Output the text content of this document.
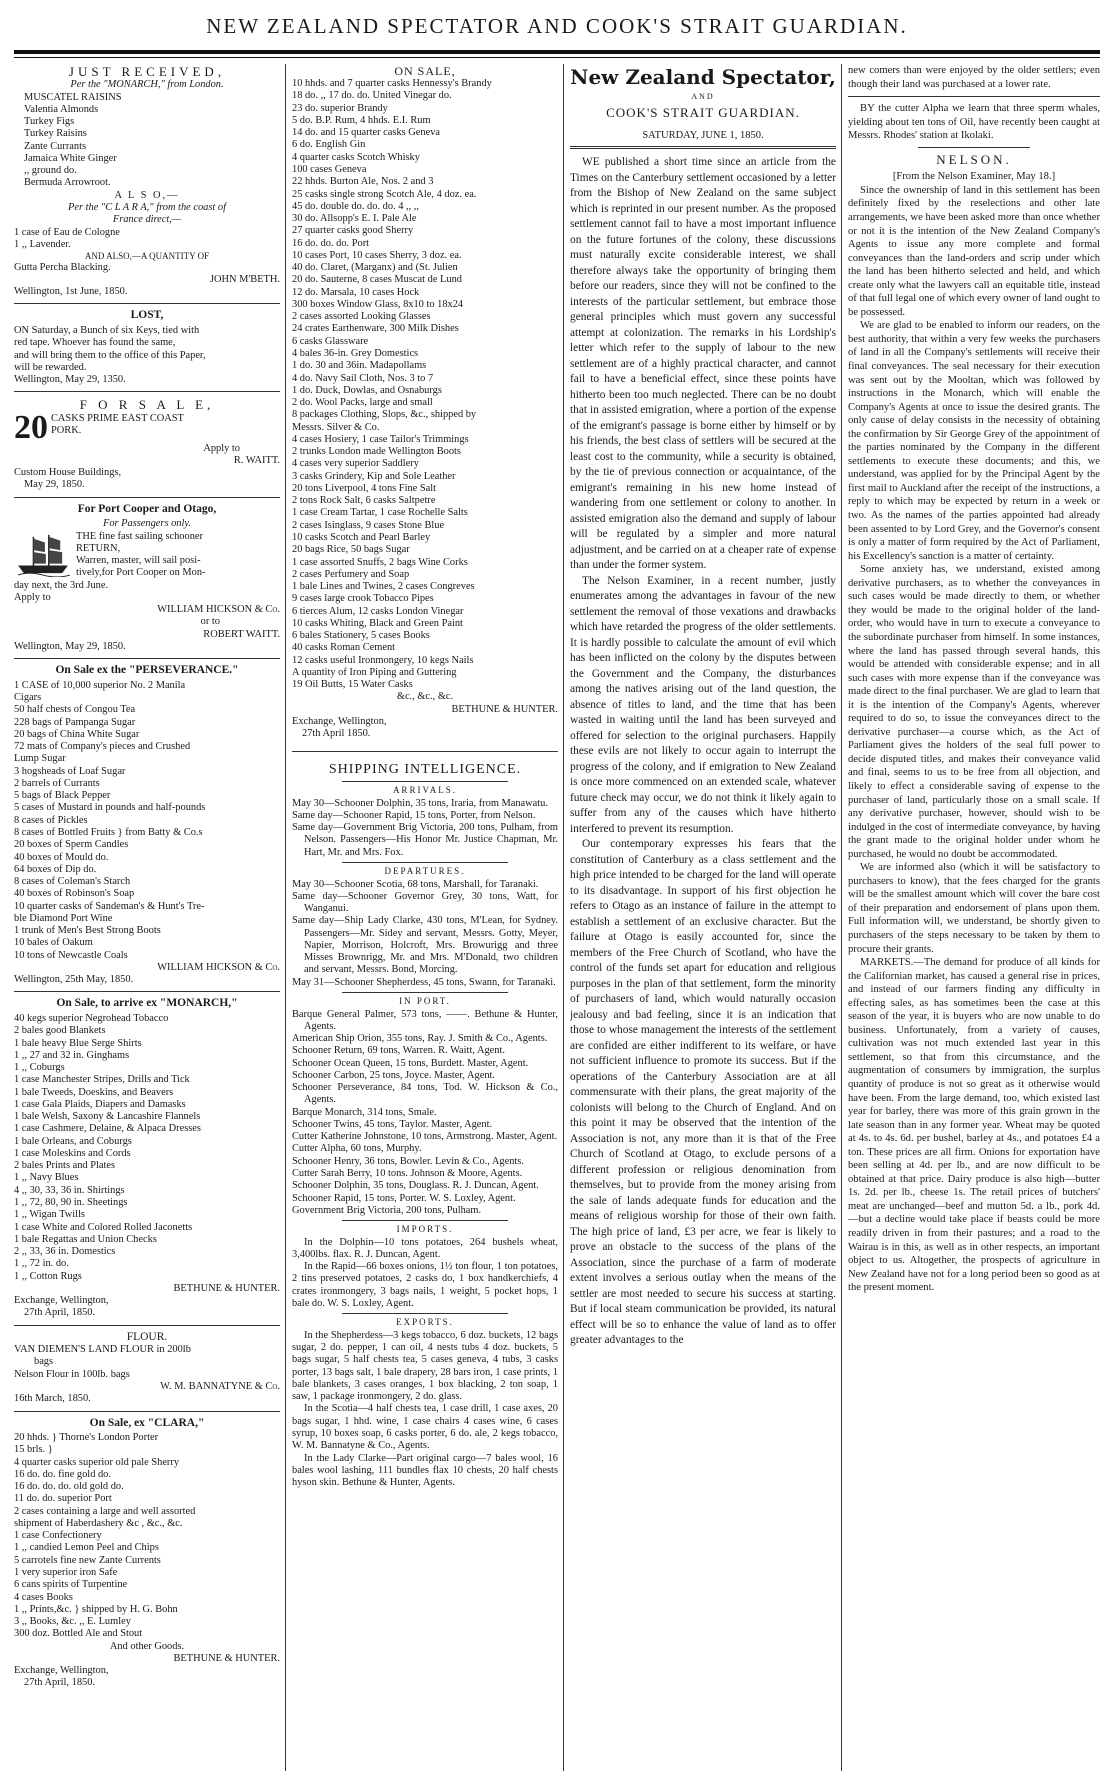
NEW ZEALAND SPECTATOR AND COOK'S STRAIT GUARDIAN.

JUST RECEIVED,

Per the "MONARCH," from London.

MUSCATEL RAISINS

Valentia Almonds

Turkey Figs

Turkey Raisins

Zante Currants

Jamaica White Ginger

,, ground do.

Bermuda Arrowroot.

A L S O,—

Per the "C L A R A," from the coast of

France direct,—

1 case of Eau de Cologne

1 ,, Lavender.

AND ALSO,—A QUANTITY OF

Gutta Percha Blacking.

JOHN M'BETH.

Wellington, 1st June, 1850.

LOST,

ON Saturday, a Bunch of six Keys, tied with

red tape. Whoever has found the same,

and will bring them to the office of this Paper,

will be rewarded.

Wellington, May 29, 1350.

F O R S A L E,

20 CASKS PRIME EAST COAST

PORK.

Apply to

R. WAITT.

Custom House Buildings,

May 29, 1850.

For Port Cooper and Otago,

For Passengers only.

THE fine fast sailing schooner

RETURN,

Warren, master, will sail posi-

tively,for Port Cooper on Mon-

day next, the 3rd June.

Apply to

WILLIAM HICKSON & Co.

or to

ROBERT WAITT.

Wellington, May 29, 1850.

On Sale ex the "PERSEVERANCE."

1 CASE of 10,000 superior No. 2 Manila

Cigars

50 half chests of Congou Tea

228 bags of Pampanga Sugar

20 bags of China White Sugar

72 mats of Company's pieces and Crushed

Lump Sugar

3 hogsheads of Loaf Sugar

2 barrels of Currants

5 bags of Black Pepper

5 cases of Mustard in pounds and half-pounds

8 cases of Pickles

8 cases of Bottled Fruits } from Batty & Co.s

20 boxes of Sperm Candles

40 boxes of Mould do.

64 boxes of Dip do.

8 cases of Coleman's Starch

40 boxes of Robinson's Soap

10 quarter casks of Sandeman's & Hunt's Tre-

ble Diamond Port Wine

1 trunk of Men's Best Strong Boots

10 bales of Oakum

10 tons of Newcastle Coals

WILLIAM HICKSON & Co.

Wellington, 25th May, 1850.

On Sale, to arrive ex "MONARCH,"

40 kegs superior Negrohead Tobacco

2 bales good Blankets

1 bale heavy Blue Serge Shirts

1 ,, 27 and 32 in. Ginghams

1 ,, Coburgs

1 case Manchester Stripes, Drills and Tick

1 bale Tweeds, Doeskins, and Beavers

1 case Gala Plaids, Diapers and Damasks

1 bale Welsh, Saxony & Lancashire Flannels

1 case Cashmere, Delaine, & Alpaca Dresses

1 bale Orleans, and Coburgs

1 case Moleskins and Cords

2 bales Prints and Plates

1 ,, Navy Blues

4 ,, 30, 33, 36 in. Shirtings

1 ,, 72, 80, 90 in. Sheetings

1 ,, Wigan Twills

1 case White and Colored Rolled Jaconetts

1 bale Regattas and Union Checks

2 ,, 33, 36 in. Domestics

1 ,, 72 in. do.

1 ,, Cotton Rugs

BETHUNE & HUNTER.

Exchange, Wellington,

27th April, 1850.

FLOUR.

VAN DIEMEN'S LAND FLOUR in 200lb

bags

Nelson Flour in 100lb. bags

W. M. BANNATYNE & Co.

16th March, 1850.

On Sale, ex "CLARA,"

20 hhds. } Thorne's London Porter

15 brls. }

4 quarter casks superior old pale Sherry

16 do. do. fine gold do.

16 do. do. do. old gold do.

11 do. do. superior Port

2 cases containing a large and well assorted

shipment of Haberdashery &c , &c., &c.

1 case Confectionery

1 ,, candied Lemon Peel and Chips

5 carrotels fine new Zante Currents

1 very superior iron Safe

6 cans spirits of Turpentine

4 cases Books

1 ,, Prints,&c. } shipped by H. G. Bohn

3 ,, Books, &c. ,, E. Lumley

300 doz. Bottled Ale and Stout

And other Goods.

BETHUNE & HUNTER.

Exchange, Wellington,

27th April, 1850.

ON SALE,

10 hhds. and 7 quarter casks Hennessy's Brandy

18 do. ,, 17 do. do. United Vinegar do.

23 do. superior Brandy

5 do. B.P. Rum, 4 hhds. E.I. Rum

14 do. and 15 quarter casks Geneva

6 do. English Gin

4 quarter casks Scotch Whisky

100 cases Geneva

22 hhds. Burton Ale, Nos. 2 and 3

25 casks single strong Scotch Ale, 4 doz. ea.

45 do. double do. do. do. 4 ,, ,,

30 do. Allsopp's E. I. Pale Ale

27 quarter casks good Sherry

16 do. do. do. Port

10 cases Port, 10 cases Sherry, 3 doz. ea.

40 do. Claret, (Marganx) and (St. Julien

20 do. Sauterne, 8 cases Muscat de Lund

12 do. Marsala, 10 cases Hock

300 boxes Window Glass, 8x10 to 18x24

2 cases assorted Looking Glasses

24 crates Earthenware, 300 Milk Dishes

6 casks Glassware

4 bales 36-in. Grey Domestics

1 do. 30 and 36in. Madapollams

4 do. Navy Sail Cloth, Nos. 3 to 7

1 do. Duck, Dowlas, and Osnaburgs

2 do. Wool Packs, large and small

8 packages Clothing, Slops, &c., shipped by

Messrs. Silver & Co.

4 cases Hosiery, 1 case Tailor's Trimmings

2 trunks London made Wellington Boots

4 cases very superior Saddlery

3 casks Grindery, Kip and Sole Leather

20 tons Liverpool, 4 tons Fine Salt

2 tons Rock Salt, 6 casks Saltpetre

1 case Cream Tartar, 1 case Rochelle Salts

2 cases Isinglass, 9 cases Stone Blue

10 casks Scotch and Pearl Barley

20 bags Rice, 50 bags Sugar

1 case assorted Snuffs, 2 bags Wine Corks

2 cases Perfumery and Soap

1 bale Lines and Twines, 2 cases Congreves

9 cases large crook Tobacco Pipes

6 tierces Alum, 12 casks London Vinegar

10 casks Whiting, Black and Green Paint

6 bales Stationery, 5 cases Books

40 casks Roman Cement

12 casks useful Ironmongery, 10 kegs Nails

A quantity of Iron Piping and Guttering

19 Oil Butts, 15 Water Casks

&c., &c., &c.

BETHUNE & HUNTER.

Exchange, Wellington,

27th April 1850.

SHIPPING INTELLIGENCE.

ARRIVALS.

May 30—Schooner Dolphin, 35 tons, Iraria, from Manawatu.

Same day—Schooner Rapid, 15 tons, Porter, from Nelson.

Same day—Government Brig Victoria, 200 tons, Pulham, from Nelson. Passengers—His Honor Mr. Justice Chapman, Mr. Hart, Mr. and Mrs. Fox.

DEPARTURES.

May 30—Schooner Scotia, 68 tons, Marshall, for Taranaki.

Same day—Schooner Governor Grey, 30 tons, Watt, for Wanganui.

Same day—Ship Lady Clarke, 430 tons, M'Lean, for Sydney. Passengers—Mr. Sidey and servant, Messrs. Gotty, Meyer, Napier, Morrison, Holcroft, Mrs. Browurigg and three Misses Brownrigg, Mr. and Mrs. M'Donald, two children and servant, Messrs. Bond, Morcing.

May 31—Schooner Shepherdess, 45 tons, Swann, for Taranaki.

IN PORT.

Barque General Palmer, 573 tons, ——. Bethune & Hunter, Agents.

American Ship Orion, 355 tons, Ray. J. Smith & Co., Agents.

Schooner Return, 69 tons, Warren. R. Waitt, Agent.

Schooner Ocean Queen, 15 tons, Burdett. Master, Agent.

Schooner Carbon, 25 tons, Joyce. Master, Agent.

Schooner Perseverance, 84 tons, Tod. W. Hickson & Co., Agents.

Barque Monarch, 314 tons, Smale.

Schooner Twins, 45 tons, Taylor. Master, Agent.

Cutter Katherine Johnstone, 10 tons, Armstrong. Master, Agent.

Cutter Alpha, 60 tons, Murphy.

Schooner Henry, 36 tons, Bowler. Levin & Co., Agents.

Cutter Sarah Berry, 10 tons. Johnson & Moore, Agents.

Schooner Dolphin, 35 tons, Douglass. R. J. Duncan, Agent.

Schooner Rapid, 15 tons, Porter. W. S. Loxley, Agent.

Government Brig Victoria, 200 tons, Pulham.

IMPORTS.

In the Dolphin—10 tons potatoes, 264 bushels wheat, 3,400lbs. flax. R. J. Duncan, Agent.

In the Rapid—66 boxes onions, 1½ ton flour, 1 ton potatoes, 2 tins preserved potatoes, 2 casks do, 1 box handkerchiefs, 4 crates ironmongery, 3 bags nails, 1 weight, 5 pocket hops, 1 bale do. W. S. Loxley, Agent.

EXPORTS.

In the Shepherdess—3 kegs tobacco, 6 doz. buckets, 12 bags sugar, 2 do. pepper, 1 can oil, 4 nests tubs 4 doz. buckets, 5 bags sugar, 5 half chests tea, 5 cases geneva, 4 tubs, 3 casks porter, 13 bags salt, 1 bale drapery, 28 bars iron, 1 case prints, 1 bale blankets, 3 cases oranges, 1 box blacking, 2 ton soap, 1 saw, 1 package ironmongery, 2 do. glass.

In the Scotia—4 half chests tea, 1 case drill, 1 case axes, 20 bags sugar, 1 hhd. wine, 1 case chairs 4 cases wine, 6 cases syrup, 10 boxes soap, 6 casks porter, 6 do. ale, 2 kegs tobacco, W. M. Bannatyne & Co., Agents.

In the Lady Clarke—Part original cargo—7 bales wool, 16 bales wool lashing, 111 bundles flax 10 chests, 20 half chests hyson skin. Bethune & Hunter, Agents.

New Zealand Spectator,

AND

COOK'S STRAIT GUARDIAN.

SATURDAY, JUNE 1, 1850.

WE published a short time since an article from the Times on the Canterbury settlement occasioned by a letter from the Bishop of New Zealand on the same subject which is reprinted in our present number. As the proposed settlement cannot fail to have a most important influence on the future fortunes of the colony, these discussions must naturally excite considerable interest, we shall therefore always take the opportunity of bringing them before our readers, since they will not be confined to the interests of the particular settlement, but embrace those general principles which must govern any successful attempt at colonization. The remarks in his Lordship's letter which refer to the supply of labour to the new settlement are of a highly practical character, and cannot fail to have a beneficial effect, since these points have hitherto been too much neglected. There can be no doubt that in assisted emigration, where a portion of the expense of the emigrant's passage is borne either by himself or by his friends, the best class of settlers will be secured at the least cost to the community, while a security is obtained, by the tie of previous connection or acquaintance, of the emigrant's remaining in his new home instead of wandering from one settlement or colony to another. In assisted emigration also the demand and supply of labour will be regulated by a simpler and more natural adjustment, and be carried on at a cheaper rate of expense than under the former system.

The Nelson Examiner, in a recent number, justly enumerates among the advantages in favour of the new settlement the removal of those vexations and drawbacks which have retarded the progress of the older settlements. It is hardly possible to calculate the amount of evil which has been inflicted on the colony by the disputes between the Government and the Company, the disturbances among the natives arising out of the land question, the absence of titles to land, and the time that has been wasted in waiting until the land has been surveyed and offered for selection to the original purchasers. Happily these evils are not likely to occur again to interrupt the progress of the colony, and if emigration to New Zealand is once more commenced on an extended scale, whatever future check may occur, we do not think it likely again to suffer from any of the causes which have hitherto interfered to prevent its resumption.

Our contemporary expresses his fears that the constitution of Canterbury as a class settlement and the high price intended to be charged for the land will operate to its disadvantage. In support of his first objection he refers to Otago as an instance of failure in the attempt to establish a settlement of an exclusive character. But the failure at Otago is easily accounted for, since the members of the Free Church of Scotland, who have the control of the funds set apart for education and religious purposes in the plan of that settlement, form the minority of purchasers of land, which would naturally occasion jealousy and bad feeling, since it is an indication that those to whose management the interests of the settlement are confided are either indifferent to its welfare, or have not sufficient influence to promote its success. But if the operations of the Canterbury Association are at all commensurate with their plans, the great majority of the colonists will belong to the Church of England. And on this point it may be observed that the intention of the Association is not, any more than it is that of the Free Church of Scotland at Otago, to exclude persons of a different profession or religious denomination from themselves, but to provide from the money arising from the sale of lands adequate funds for education and the means of religious worship for those of their own faith. The high price of land, £3 per acre, we fear is likely to prove an obstacle to the success of the plans of the Association, since the purchase of a farm of moderate extent involves a serious outlay when the means of the settler are most needed to secure his success at starting. But if local steam communication be provided, its natural effect will be so to enhance the value of land as to offer greater advantages to the

new comers than were enjoyed by the older settlers; even though their land was purchased at a lower rate.

BY the cutter Alpha we learn that three sperm whales, yielding about ten tons of Oil, have recently been caught at Messrs. Rhodes' station at Ikolaki.

NELSON.

[From the Nelson Examiner, May 18.]

Since the ownership of land in this settlement has been definitely fixed by the reselections and other late arrangements, we have been asked more than once whether or not it is the intention of the New Zealand Company's Agents to issue any more complete and formal conveyances than the land-orders and scrip under which the land has been hitherto selected and held, and which create only what the lawyers call an equitable title, instead of that full legal one of which every owner of land ought to be possessed.

We are glad to be enabled to inform our readers, on the best authority, that within a very few weeks the purchasers of land in all the Company's settlements will receive their final conveyances. The seal necessary for their execution was sent out by the Mooltan, which was followed by instructions in the Monarch, which will enable the Company's Agents at once to issue the desired grants. The only cause of delay consists in the necessity of obtaining the confirmation by Sir George Grey of the appointment of the parties nominated by the Company in the different settlements to execute these documents; and this, we understand, was applied for by the Principal Agent by the first mail to Auckland after the receipt of the instructions, a reply to which may be expected by return in a week or two. As the names of the parties appointed had already been assented to by Lord Grey, and the Governor's consent is only a matter of form required by the Act of Parliament, his Excellency's sanction is a matter of certainty.

Some anxiety has, we understand, existed among derivative purchasers, as to whether the conveyances in such cases would be made directly to them, or whether they would be made to the original holder of the land-order, who would have in turn to execute a conveyance to the subordinate purchaser from himself. In some instances, where the land has passed through several hands, this would be attended with considerable expense; and in all such cases with more expense than if the conveyance was made direct to the final purchaser. We are glad to learn that it is the intention of the Company's Agents, wherever required to do so, to issue the conveyances direct to the derivative purchaser—a course which, as the Act of Parliament gives the holders of the seal full power to decide disputed titles, and makes their conveyance valid and final, seems to us to be free from all objection, and likely to effect a considerable saving of expense to the purchaser of land, particularly those on a small scale. If any derivative purchaser, however, should wish to be indulged in the cost of intermediate conveyance, by having the grant made to the original holder under whom he purchased, he would no doubt be accommodated.

We are informed also (which it will be satisfactory to purchasers to know), that the fees charged for the grants will be the smallest amount which will cover the bare cost of their preparation and endorsement of plans upon them. Full information will, we understand, be shortly given to purchasers of the steps necessary to be taken by them to procure their grants.

MARKETS.—The demand for produce of all kinds for the Californian market, has caused a general rise in prices, and instead of our farmers finding any difficulty in effecting sales, as has sometimes been the case at this season of the year, it is buyers who are now unable to do business. Unfortunately, from a variety of causes, cultivation was not much extended last year in this settlement, so that from this circumstance, and the augmentation of consumers by immigration, the surplus quantity of produce is not so great as it otherwise would have been. From the large demand, too, which existed last year for barley, there was more of this grain grown in the late season than in any former year. Wheat may be quoted at 4s. to 4s. 6d. per bushel, barley at 4s., and potatoes £4 a ton. These prices are all firm. Onions for exportation have been selling at 4d. per lb., and are now difficult to be obtained at that price. Dairy produce is also high—butter 1s. 2d. per lb., cheese 1s. The retail prices of butchers' meat are unchanged—beef and mutton 5d. a lb., pork 4d.—but a decline would take place if beasts could be more readily driven in from their pastures; and a road to the Wairau is in this, as well as in other respects, an important object to us. Altogether, the prospects of agriculture in New Zealand have not for a long period been so good as at the present moment.
